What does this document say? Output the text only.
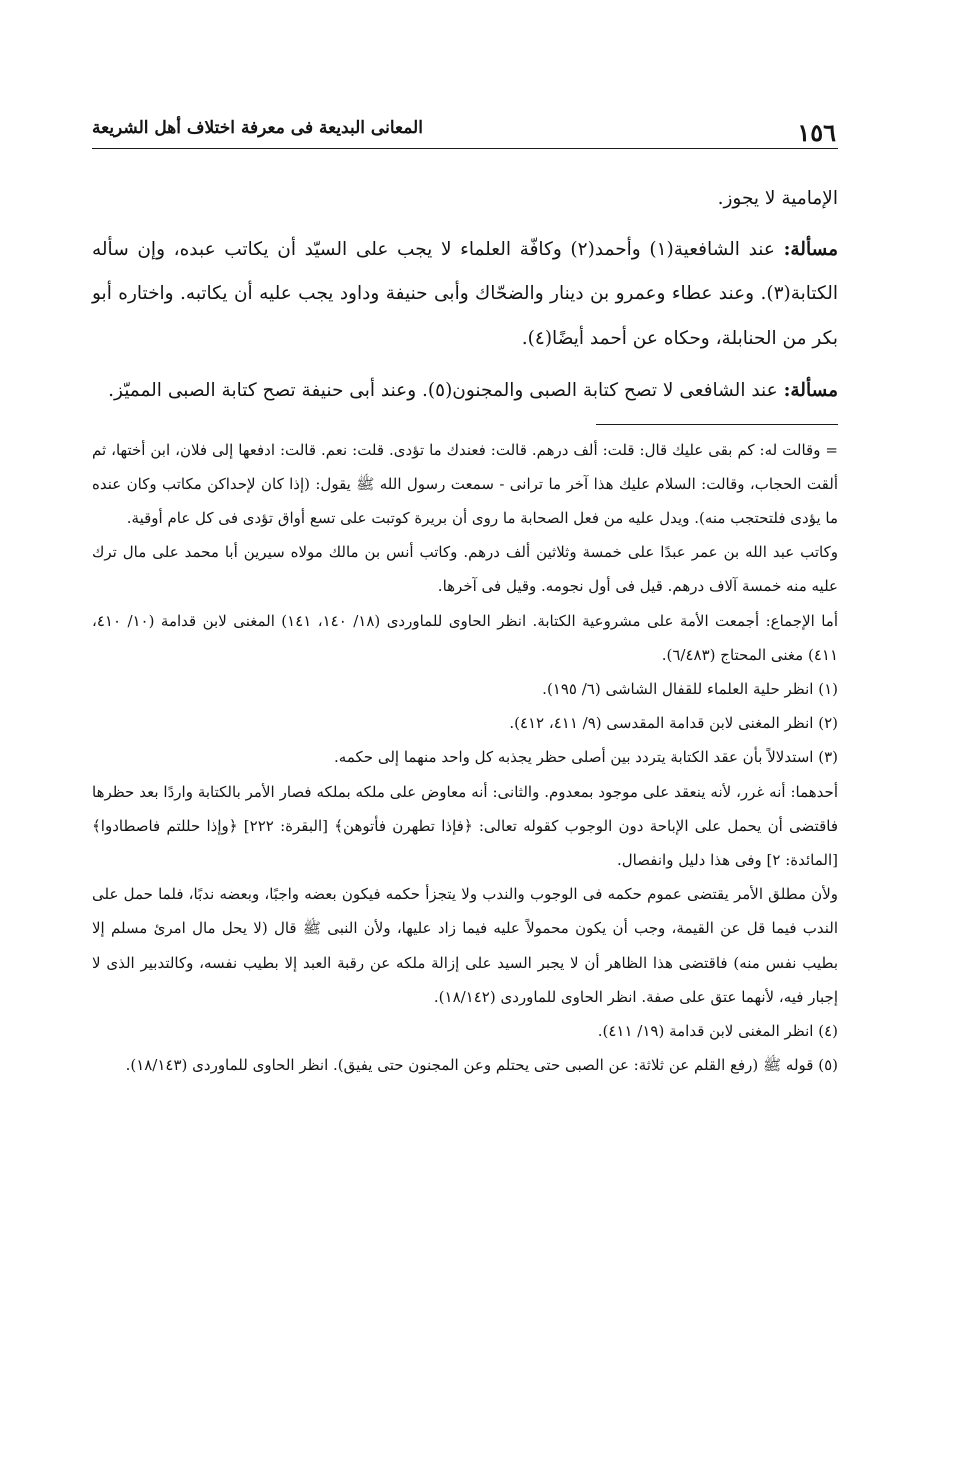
١٥٦
المعانى البديعة فى معرفة اختلاف أهل الشريعة

الإمامية لا يجوز.

مسألة: عند الشافعية(١) وأحمد(٢) وكافّة العلماء لا يجب على السيّد أن يكاتب عبده، وإن سأله الكتابة(٣). وعند عطاء وعمرو بن دينار والضحّاك وأبى حنيفة وداود يجب عليه أن يكاتبه. واختاره أبو بكر من الحنابلة، وحكاه عن أحمد أيضًا(٤).

مسألة: عند الشافعى لا تصح كتابة الصبى والمجنون(٥). وعند أبى حنيفة تصح كتابة الصبى المميّز.

= وقالت له: كم بقى عليك قال: قلت: ألف درهم. قالت: فعندك ما تؤدى. قلت: نعم. قالت: ادفعها إلى فلان، ابن أختها، ثم ألقت الحجاب، وقالت: السلام عليك هذا آخر ما ترانى - سمعت رسول الله ﷺ يقول: (إذا كان لإحداكن مكاتب وكان عنده ما يؤدى فلتحتجب منه). ويدل عليه من فعل الصحابة ما روى أن بريرة كوتبت على تسع أواق تؤدى فى كل عام أوقية.

وكاتب عبد الله بن عمر عبدًا على خمسة وثلاثين ألف درهم. وكاتب أنس بن مالك مولاه سيرين أبا محمد على مال ترك عليه منه خمسة آلاف درهم. قيل فى أول نجومه. وقيل فى آخرها.

أما الإجماع: أجمعت الأمة على مشروعية الكتابة. انظر الحاوى للماوردى (١٨/ ١٤٠، ١٤١) المغنى لابن قدامة (١٠/ ٤١٠، ٤١١) مغنى المحتاج (٦/٤٨٣).

(١) انظر حلية العلماء للقفال الشاشى (٦/ ١٩٥).

(٢) انظر المغنى لابن قدامة المقدسى (٩/ ٤١١، ٤١٢).

(٣) استدلالاً بأن عقد الكتابة يتردد بين أصلى حظر يجذبه كل واحد منهما إلى حكمه.

أحدهما: أنه غرر، لأنه ينعقد على موجود بمعدوم. والثانى: أنه معاوض على ملكه بملكه فصار الأمر بالكتابة واردًا بعد حظرها فاقتضى أن يحمل على الإباحة دون الوجوب كقوله تعالى: ﴿فإذا تطهرن فأتوهن﴾ [البقرة: ٢٢٢] ﴿وإذا حللتم فاصطادوا﴾ [المائدة: ٢] وفى هذا دليل وانفصال.

ولأن مطلق الأمر يقتضى عموم حكمه فى الوجوب والندب ولا يتجزأ حكمه فيكون بعضه واجبًا، وبعضه ندبًا، فلما حمل على الندب فيما قل عن القيمة، وجب أن يكون محمولاً عليه فيما زاد عليها، ولأن النبى ﷺ قال (لا يحل مال امرئ مسلم إلا بطيب نفس منه) فاقتضى هذا الظاهر أن لا يجبر السيد على إزالة ملكه عن رقبة العبد إلا بطيب نفسه، وكالتدبير الذى لا إجبار فيه، لأنهما عتق على صفة. انظر الحاوى للماوردى (١٨/١٤٢).

(٤) انظر المغنى لابن قدامة (١٩/ ٤١١).

(٥) قوله ﷺ (رفع القلم عن ثلاثة: عن الصبى حتى يحتلم وعن المجنون حتى يفيق). انظر الحاوى للماوردى (١٨/١٤٣).
